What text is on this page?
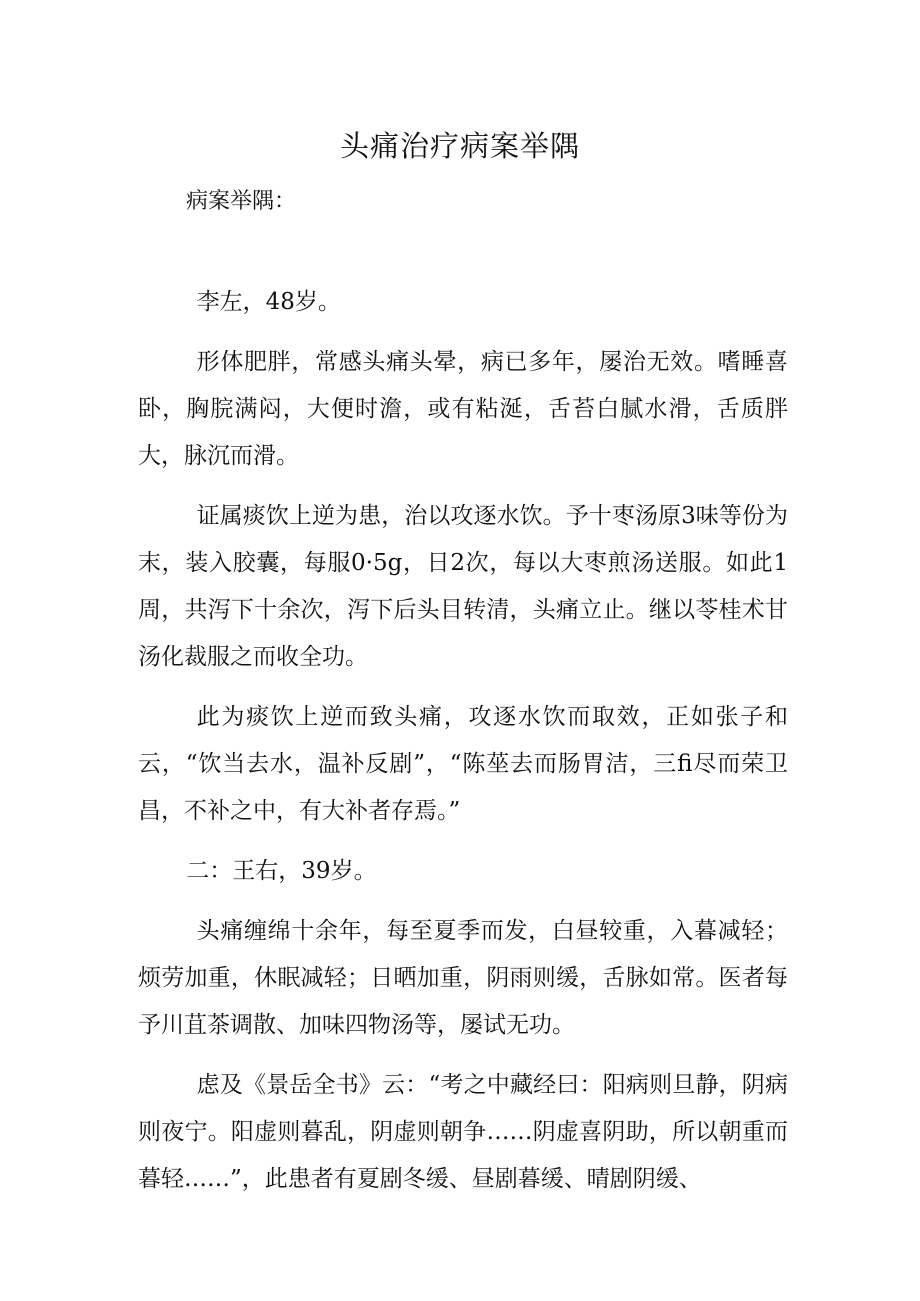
头痛治疗病案举隅

病案举隅：

李左，48岁。

形体肥胖，常感头痛头晕，病已多年，屡治无效。嗜睡喜卧，胸脘满闷，大便时澹，或有粘涎，舌苔白腻水滑，舌质胖大，脉沉而滑。

证属痰饮上逆为患，治以攻逐水饮。予十枣汤原3味等份为末，装入胶囊，每服0·5g，日2次，每以大枣煎汤送服。如此1周，共泻下十余次，泻下后头目转清，头痛立止。继以苓桂术甘汤化裁服之而收全功。

此为痰饮上逆而致头痛，攻逐水饮而取效，正如张子和云，“饮当去水，温补反剧”，“陈莝去而肠胃洁，三fi尽而荣卫昌，不补之中，有大补者存焉。”

二：王右，39岁。

头痛缠绵十余年，每至夏季而发，白昼较重，入暮减轻；烦劳加重，休眠减轻；日晒加重，阴雨则缓，舌脉如常。医者每予川苴茶调散、加味四物汤等，屡试无功。

虑及《景岳全书》云：“考之中藏经曰：阳病则旦静，阴病则夜宁。阳虚则暮乱，阴虚则朝争……阴虚喜阴助，所以朝重而暮轻……”，此患者有夏剧冬缓、昼剧暮缓、晴剧阴缓、
